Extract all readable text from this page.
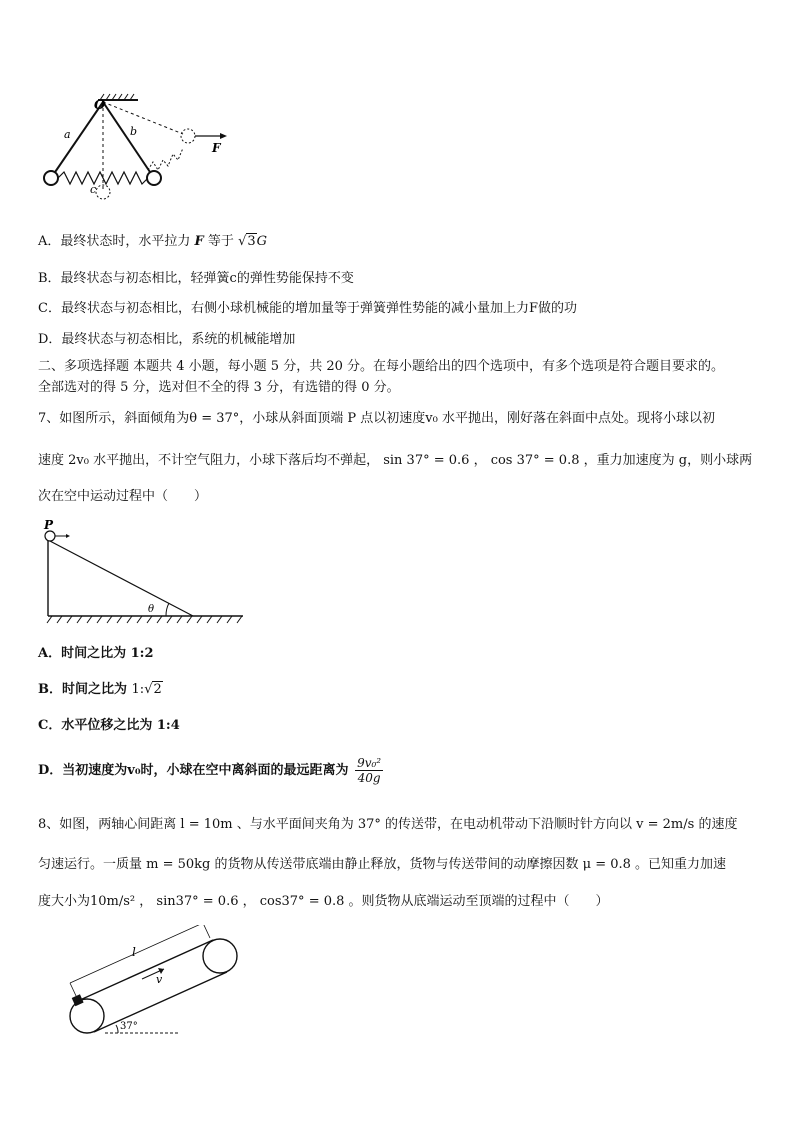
O
a	b
c
F
A．最终状态时，水平拉力 F 等于 √3G
B．最终状态与初态相比，轻弹簧c的弹性势能保持不变
C．最终状态与初态相比，右侧小球机械能的增加量等于弹簧弹性势能的减小量加上力F做的功
D．最终状态与初态相比，系统的机械能增加
二、多项选择题 本题共 4 小题，每小题 5 分，共 20 分。在每小题给出的四个选项中，有多个选项是符合题目要求的。
全部选对的得 5 分，选对但不全的得 3 分，有选错的得 0 分。
7、如图所示，斜面倾角为θ = 37°，小球从斜面顶端 P 点以初速度v₀ 水平抛出，刚好落在斜面中点处。现将小球以初
速度 2v₀ 水平抛出，不计空气阻力，小球下落后均不弹起， sin 37° = 0.6 ， cos 37° = 0.8 ，重力加速度为 g，则小球两
次在空中运动过程中（　　）
P
θ
A．时间之比为 1:2
B．时间之比为 1:√2
C．水平位移之比为 1:4
D．当初速度为v₀时，小球在空中离斜面的最远距离为 $\frac{\text{9v₀²}}{40g}$
8、如图，两轴心间距离 l = 10m 、与水平面间夹角为 37° 的传送带，在电动机带动下沿顺时针方向以 v = 2m/s 的速度
匀速运行。一质量 m = 50kg 的货物从传送带底端由静止释放，货物与传送带间的动摩擦因数 μ = 0.8 。已知重力加速
度大小为10m/s² ， sin37° = 0.6 ， cos37° = 0.8 。则货物从底端运动至顶端的过程中（　　）
l
v
37°
